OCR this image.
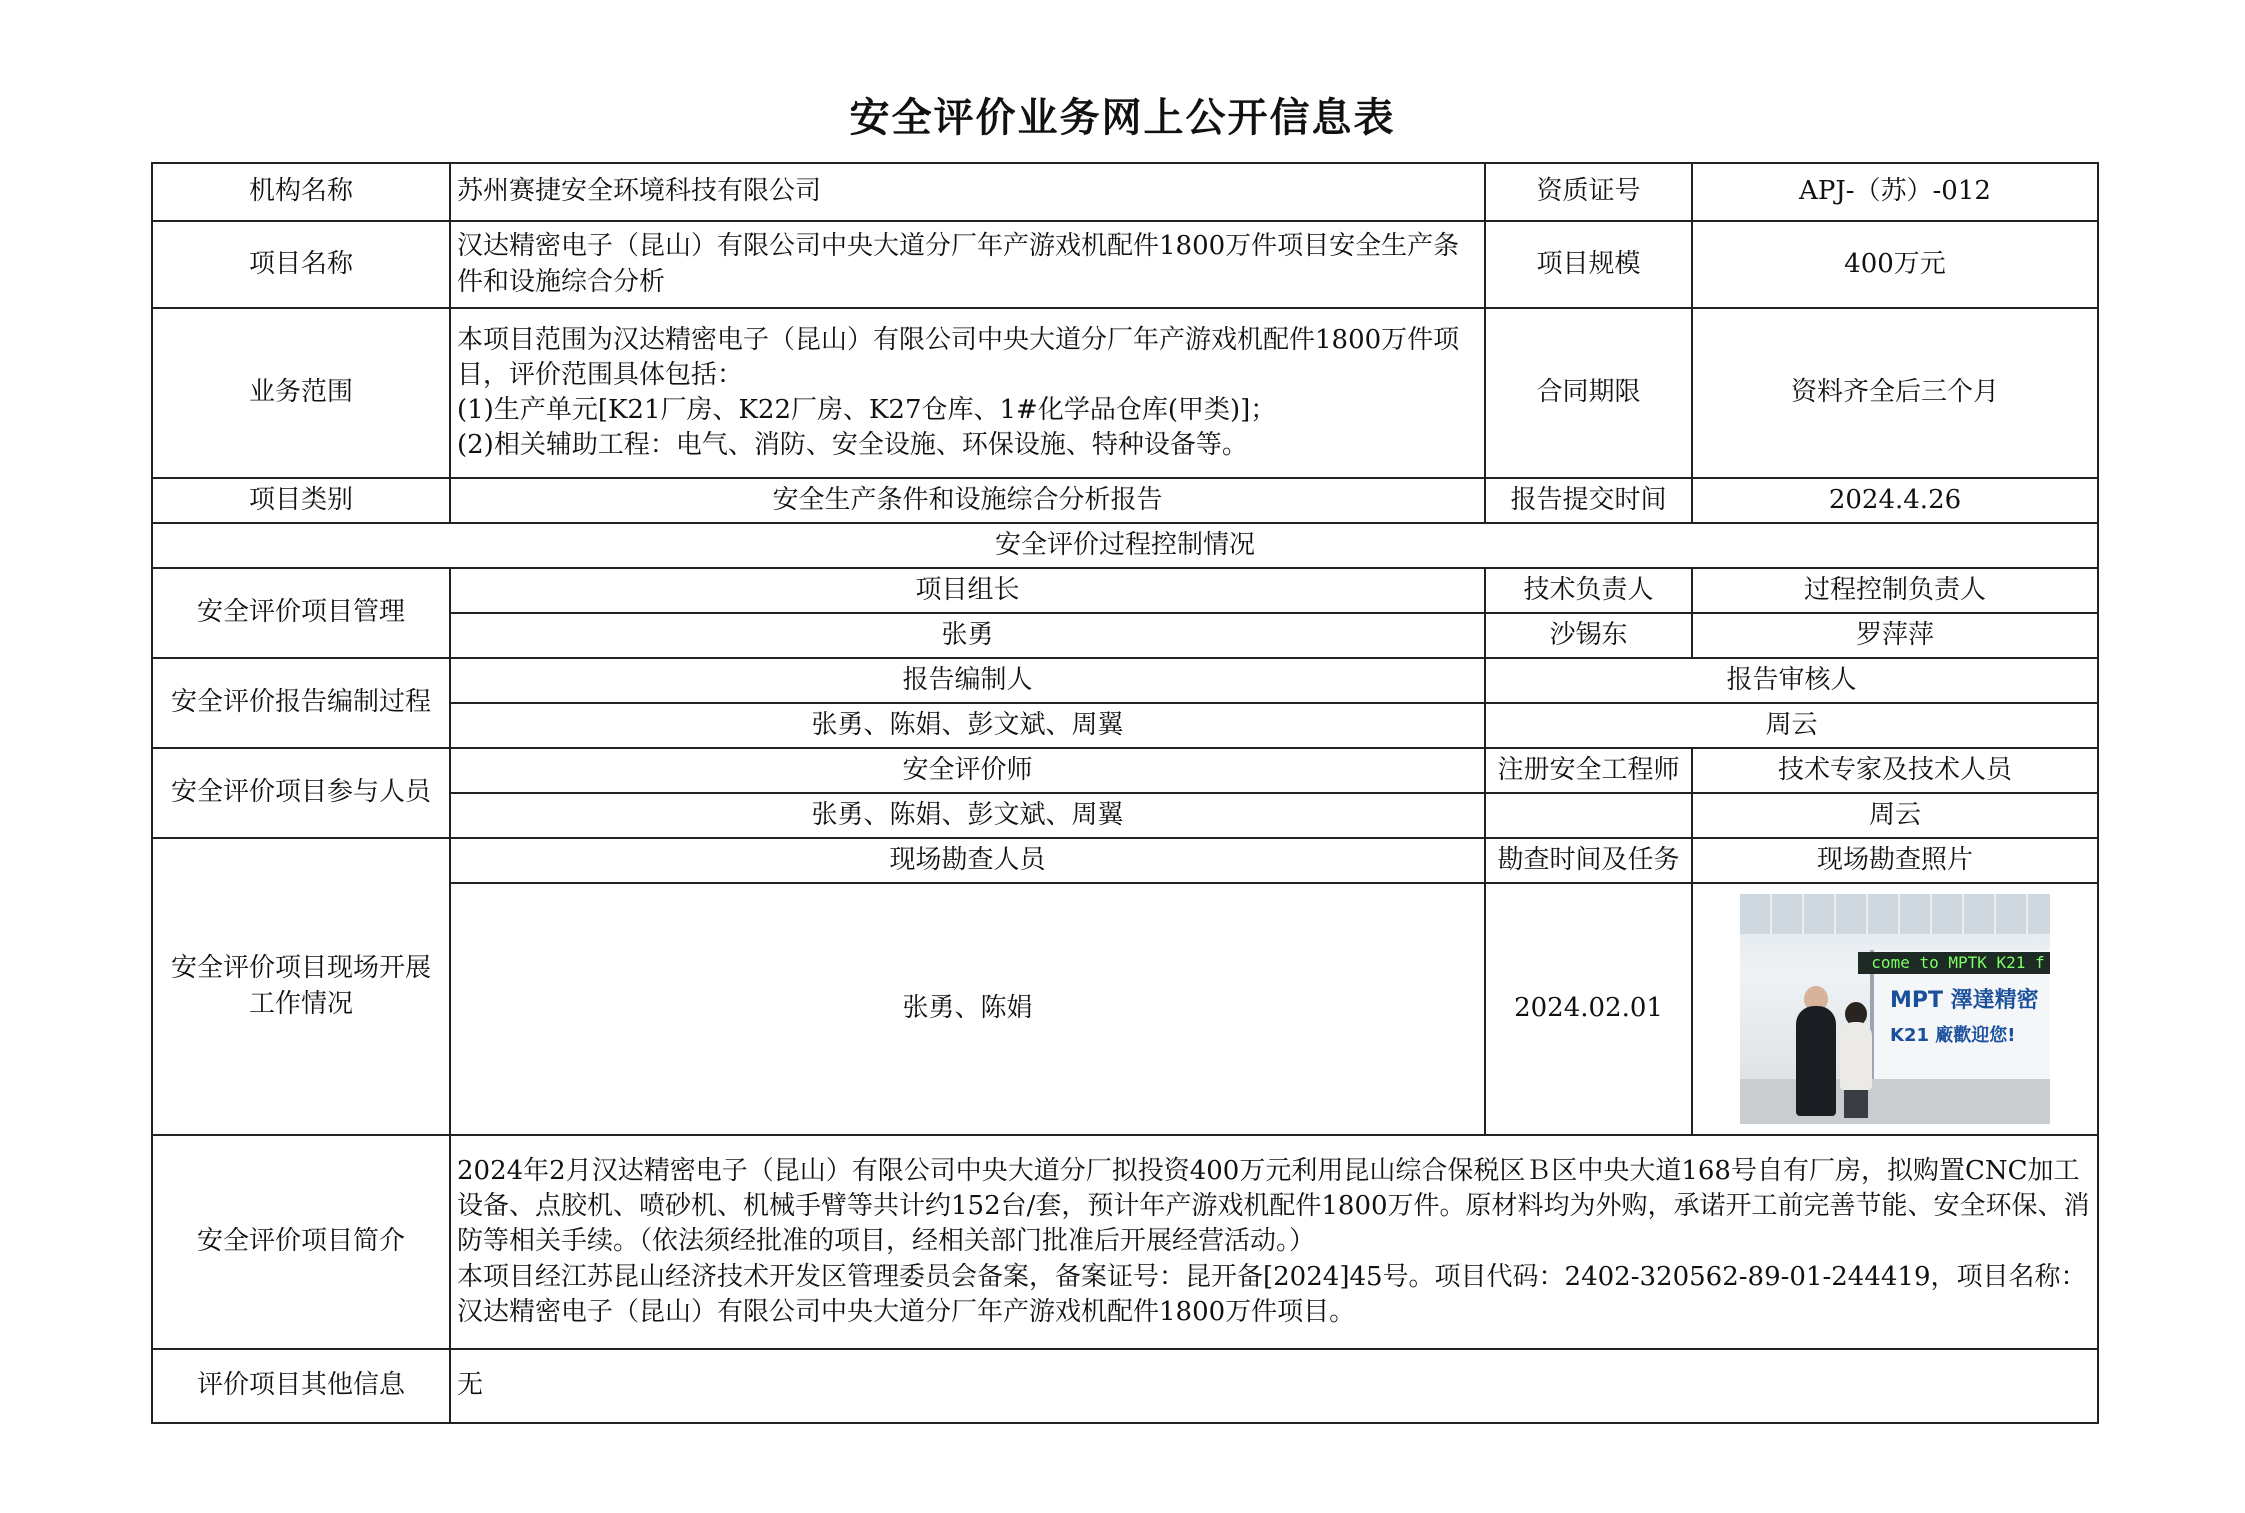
安全评价业务网上公开信息表
机构名称	苏州赛捷安全环境科技有限公司	资质证号	APJ-（苏）-012
项目名称	汉达精密电子（昆山）有限公司中央大道分厂年产游戏机配件1800万件项目安全生产条件和设施综合分析	项目规模	400万元
业务范围	本项目范围为汉达精密电子（昆山）有限公司中央大道分厂年产游戏机配件1800万件项目，评价范围具体包括：
(1)生产单元[K21厂房、K22厂房、K27仓库、1#化学品仓库(甲类)]；
(2)相关辅助工程：电气、消防、安全设施、环保设施、特种设备等。	合同期限	资料齐全后三个月
项目类别	安全生产条件和设施综合分析报告	报告提交时间	2024.4.26
安全评价过程控制情况			
安全评价项目管理	项目组长	技术负责人	过程控制负责人
	张勇	沙锡东	罗萍萍
安全评价报告编制过程	报告编制人	报告审核人	
	张勇、陈娟、彭文斌、周翼	周云	
安全评价项目参与人员	安全评价师	注册安全工程师	技术专家及技术人员
	张勇、陈娟、彭文斌、周翼		周云
安全评价项目现场开展工作情况	现场勘查人员	勘查时间及任务	现场勘查照片
	张勇、陈娟	2024.02.01	come to MPTK K21 f
MPT 澤達精密
K21 廠歡迎您!

安全评价项目简介	2024年2月汉达精密电子（昆山）有限公司中央大道分厂拟投资400万元利用昆山综合保税区Ｂ区中央大道168号自有厂房，拟购置CNC加工设备、点胶机、喷砂机、机械手臂等共计约152台/套，预计年产游戏机配件1800万件。原材料均为外购，承诺开工前完善节能、安全环保、消防等相关手续。（依法须经批准的项目，经相关部门批准后开展经营活动。）
本项目经江苏昆山经济技术开发区管理委员会备案，备案证号：昆开备[2024]45号。项目代码：2402-320562-89-01-244419，项目名称：汉达精密电子（昆山）有限公司中央大道分厂年产游戏机配件1800万件项目。		

评价项目其他信息	无		
